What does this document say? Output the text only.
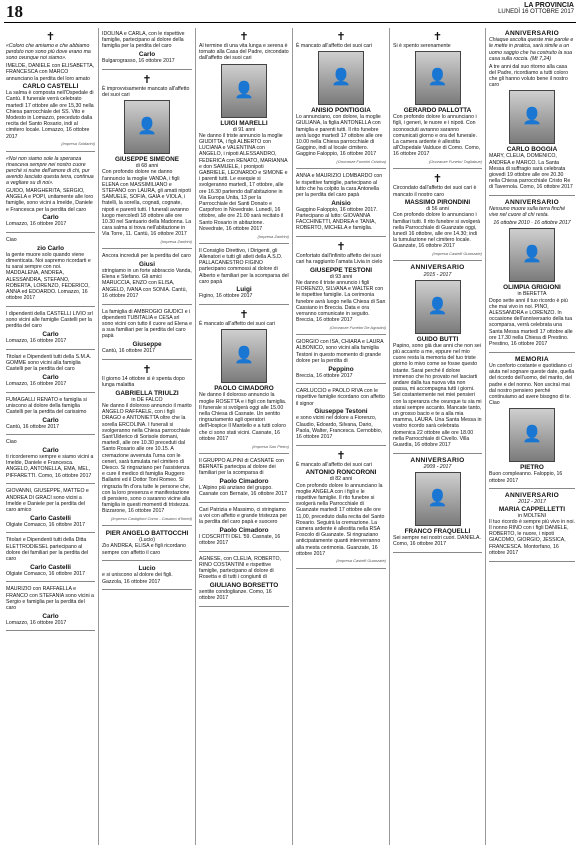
18	LA PROVINCIA
LUNEDÌ 16 OTTOBRE 2017
✝

«Coloro che amiamo e che abbiamo perduto non sono più dove erano ma sono ovunque noi siamo».

IMELDE, DANIELE con ELISABETTA, FRANCESCA con MARCO annunciano la perdita del loro amato

CARLO CASTELLI

La salma è composta nell'Ospedale di Cantù. Il funerale verrà celebrato martedì 17 ottobre alle ore 15,30 nella Chiesa parrocchiale dei SS. Vito e Modesto in Lomazzo, preceduto dalla recita del Santo Rosario, indi al cimitero locale. Lomazzo, 16 ottobre 2017

(Impresa Soldarini)

«Noi non siamo sole la speranza rinasceva sempre nei nostro cuore perché si nutre dell'amore di chi, pur avendo lasciato questa terra, continua a vegliare su di noi».

GUIDO, MARGHERITA, SERGIO, ANGELA e POPI, unitamente alle loro famiglie, sono vicini a Imelde, Daniele e Francesca per la perdita del caro

Carlo

Lomazzo, 16 ottobre 2017

Ciao

zio Carlo

la gente muore solo quando viene dimenticata. Noi sapremo ricordarti e tu sarai sempre con noi. MADDALENA, ANDREA, ALESSANDRA, STEFANO, ROBERTA, LORENZO, FEDERICO, ANNA ed EDOARDO. Lomazzo, 16 ottobre 2017

I dipendenti della CASTELLI LIVIO srl sono vicini alle famiglie Castelli per la perdita del caro

Carlo

Lomazzo, 16 ottobre 2017

Titolari e Dipendenti tutti della S.M.A. GOMME sono vicini alla famiglia Castelli per la perdita del caro

Carlo

Lomazzo, 16 ottobre 2017

FUMAGALLI RENATO e famiglia si uniscono al dolore della famiglia Castelli per la perdita del carissimo

Carlo

Cantù, 16 ottobre 2017

Ciao

Carlo

ti ricorderemo sempre e siamo vicini a Imelde, Daniele e Francesca. ANGELO, ANTONELLA, EMA, MEL, PIFFARETTI. Como, 16 ottobre 2017

GIOVANNI, GIUSEPPE, MATTEO e ANDREA DI GRACI sono vicini a Imelde e Daniele per la perdita del caro amico

Carlo Castelli

Olgiate Comasco, 16 ottobre 2017

Titolari e Dipendenti tutti della Ditta ELETTRODIESEL partecipano al dolore dei familiari per la perdita del caro

Carlo Castelli

Olgiate Comasco, 16 ottobre 2017

MAURIZIO con RAFFAELLA e FRANCO con STEFANIA sono vicini a Sergio e famiglia per la perdita del caro

Carlo

Lomazzo, 16 ottobre 2017

IDOLINA e CARLA, con le rispettive famiglie, partecipano al dolore della famiglia per la perdita del caro

Carlo

Bulgarograsso, 16 ottobre 2017

✝

È improvvisamente mancato all'affetto dei suoi cari

👤
GIUSEPPE SIMEONE
di 68 anni

Con profondo dolore ne danno l'annuncio la moglie VANDA, i figli ELENA con MASSIMILIANO e STEFANO con LAURA, gli amati nipoti SAMUELE, SOFIA, GAIA e VIOLA, i fratelli, la sorella, cognati, cognate, nipoti e parenti tutti. I funerali avranno luogo mercoledì 18 ottobre alle ore 10.30 nel Santuario della Madonna. La cara salma si trova nell'abitazione in Via Torre, 11. Cantù, 16 ottobre 2017

(Impresa Zanfrini)

Ancora increduli per la perdita del caro

Giusi

stringiamo in un forte abbraccio Vanda, Elena e Stefano. Gli amici MARUCCIA, ENZO con ELISA, ANGELO, IVANA con SONIA. Cantù, 16 ottobre 2017

La famiglia di AMBROGIO GIUDICI e i dipendenti TUBITALIA e CESA srl sono vicini con tutto il cuore ad Elena e a sua familiari per la perdita del caro papà

Giuseppe

Cantù, 16 ottobre 2017

✝

Il giorno 14 ottobre si è spenta dopo lunga malattia

GABRIELLA TRIULZI
in DE FALCO

Ne danno il doloroso annuncio il marito ANGELO RAFFAELE, con i figli DRAGO e ANTONIETTA oltre che la sorella ERCOLINA. I funerali si svolgeranno nella Chiesa parrocchiale Sant'Ulderico di Sorisole domani, martedì, alle ore 10.30 preceduti dal Santo Rosario alle ore 10.15. A cremazione avvenuta l'urna con le ceneri, sarà tumulata nel cimitero di Diesco. Si ringraziano per l'assistenza e cure il medico di famiglia Ruggero Ballarini ed il Dottor Toni Romeo. Si ringrazia fin d'ora tutte le persone che, con la loro presenza e manifestazione di pensiero, sono o saranno vicine alla famiglia in questi momenti di tristezza. Bizzarone, 16 ottobre 2017

(Impresa Castiglioni Como - Casaoro d'Ilmed)
PIER ANGELO BATTOCCHI
(Lucio)

Zio ANDREA, ELISA e figli ricordano sempre con affetto il caro

Lucio

e si uniscono al dolore dei figli. Gazzola, 16 ottobre 2017

✝

Al termine di una vita lunga e serena è tornato alla Casa del Padre, circondato dall'affetto dei suoi cari

👤
LUIGI MARELLI
di 91 anni

Ne danno il triste annuncio la moglie GIUDITTA, i figli ALBERTO con LUCIANA e VALENTINA con ANGELO, i nipoti ALESSANDRO, FEDERICA con RENATO, MARIANNA e don SAMUELE, i pronipoti GABRIELE, LEONARDO e SIMONE e i parenti tutti. Le esequie si svolgeranno martedì, 17 ottobre, alle ore 16.30 partendo dall'abitazione in Via Europa Unita, 13 per la Parrocchiale dei Santi Donato e Carpoforo in Novedrate. Lunedì, 16 ottobre, alle ore 21.00 sarà recitato il Santo Rosario in abitazione. Novedrate, 16 ottobre 2017

(Impresa Zanfrini)

Il Consiglio Direttivo, i Dirigenti, gli Allenatori e tutti gli atleti della A.S.D. PALLACANESTRO FIGINO partecipano commossi al dolore di Alberto e familiari per la scomparsa del caro papà

Luigi

Figino, 16 ottobre 2017

✝

È mancato all'affetto dei suoi cari

👤
PAOLO CIMADORO

Ne danno il doloroso annuncio la moglie ROSETTA e i figli con famiglia. Il funerale si svolgerà oggi alle 15.00 nella Chiesa di Casnate. Un sentito ringraziamento agli operatori dell'Hospice Il Mantello e a tutti coloro che ci sono stati vicini. Casnate, 16 ottobre 2017

(Impresa San Pietro)

Il GRUPPO ALPINI di CASNATE con BERNATE partecipa al dolore dei familiari per la scomparsa di

Paolo Cimadoro

L'Alpino più anziano del gruppo. Casnate con Bernate, 16 ottobre 2017

Cari Patrizia e Massimo, ci stringiamo a voi con affetto e grande tristezza per la perdita del caro papà e suocero

Paolo Cimadoro

I COSCRITTI DEL '59. Casnate, 16 ottobre 2017

AGNESE, con CLELIA, ROBERTO, RINO COSTANTINI e rispettive famiglie, partecipano al dolore di Rosetta e di tutti i congiunti di

GIULIANO BORSETTO

sentite condoglianze. Como, 16 ottobre 2017

✝

È mancato all'affetto dei suoi cari

👤
ANISIO PONTIGGIA

Lo annunciano, con dolore, la moglie GIULIANA, la figlia ANTONELLA con famiglia e parenti tutti. Il rito funebre avrà luogo martedì 17 ottobre alle ore 10.00 nella Chiesa parrocchiale di Gaggino, indi al locale cimitero. Gaggino Faloppio, 16 ottobre 2017

(Onoranze Funebri Cristina)

ANNA e MAURIZIO LOMBARDO con le rispettive famiglie, partecipano al lutto che ha colpito la cara Antonella per la perdita del caro papà

Anisio

Gaggino Faloppio, 16 ottobre 2017. Partecipano al lutto: GIOVANNA FACCHINETTI, ANDREA e TANIA, ROBERTO, MICHELA e famiglia.

✝

Confortato dall'infinito affetto dei suoi cari ha raggiunto l'amata Livia in cielo

GIUSEPPE TESTONI
di 93 anni

Ne danno il triste annuncio i figli FIORENZO, SILVANA e WALTER con le rispettive famiglie. La cerimonia funebre avrà luogo nella Chiesa di San Cassiano in Breccia. Data e ora verranno comunicate in seguito. Breccia, 16 ottobre 2017

(Onoranze Funebri De Agostini)

GIORGIO con ISA, CHIARA e LAURA ALBONICO, sono vicini alla famiglia Testoni in questo momento di grande dolore per la perdita di

Peppino

Breccia, 16 ottobre 2017

CARLUCCIO e PAOLO RIVA con le rispettive famiglie ricordano con affetto il signor

Giuseppe Testoni

e sono vicini nel dolore a Fiorenzo, Claudio, Edoardo, Silvana, Dario, Paola, Walter, Francesca. Cernobbio, 16 ottobre 2017

✝

È mancato all'affetto dei suoi cari

ANTONIO RONCORONI
di 82 anni

Con profondo dolore lo annunciano la moglie ANGELA con i figli e le rispettive famiglie. Il rito funebre si svolgerà nella Parrocchiale di Guanzate martedì 17 ottobre alle ore 11,00, preceduto dalla recita del Santo Rosario. Seguirà la cremazione. La camera ardente è allestita nella RSA Foscolo di Guanzate. Si ringraziano anticipatamente quanti interverranno alla mesta cerimonia. Guanzate, 16 ottobre 2017

(Impresa Castelli Guanzate)
✝

Si è spento serenamente

👤
GERARDO PALLOTTA

Con profondo dolore lo annunciano i figli, i generi, le nuore e i nipoti. Con sconosciuti avranno saranno comunicati giorno e ora del funerale. La camera ardente è allestita all'Ospedale Valduce di Como. Como, 16 ottobre 2017

(Onoranze Funebri Tagliabue)
✝

Circondato dall'affetto dei suoi cari è mancato il nostro caro

MASSIMO PIRONDINI
di 56 anni

Con profondo dolore lo annunciano i familiari tutti. Il rito funebre si svolgerà nella Parrocchiale di Guanzate oggi, lunedì 16 ottobre, alle ore 14.30; indi la tumulazione nel cimitero locale. Guanzate, 16 ottobre 2017

(Impresa Castelli Guanzate)
ANNIVERSARIO
2015 - 2017
👤
GUIDO BUTTI

Papino, sono già due anni che non sei più accanto a me, eppure nel mio cuore resta la memoria del tuo triste giorno lo mivo come se fosse questo istante. Sarai perché il dolore immenso che ho provato nel lasciarti andare dalla tua nuova vita non passa, mi accompagna tutti i giorni. Sei costantemente nei miei pensieri con la speranza che ovunque tu sia mi starai sempre accanto. Mancate tanto, un grosso bacio e te a alla mia mamma, LAURA. Una Santa Messa in vostro ricordo sarà celebrata domenica 22 ottobre alle ore 18.00 nella Parrocchiale di Civello. Villa Guardia, 16 ottobre 2017

ANNIVERSARIO
2009 - 2017
👤
FRANCO FRAQUELLI

Sei sempre nei nostri cuori. DANIELA. Como, 16 ottobre 2017

ANNIVERSARIO

Chiaque ascolta queste mie parole e le mette in pratica, sarà simile a un uomo saggio che ha costruito la sua casa sulla roccia. (Mt 7,24)

A tre anni dal suo ritorno alla casa del Padre, ricordiamo a tutti coloro che gli hanno voluto bene il nostro caro

👤
CARLO BOGGIA

MARY, CLELIA, DOMENICO, ANDREA e MARCO. La Santa Messa di suffragio sarà celebrata giovedì 19 ottobre alle ore 20.30 nella Chiesa parrocchiale Cristo Re di Tavernola. Como, 16 ottobre 2017

ANNIVERSARIO

Nessuno muore sulla terra finché vive nel cuore di chi resta.

16 ottobre 2010 · 16 ottobre 2017
👤
OLIMPIA GRIGIONI
in BERETTA

Dopo sette anni il tuo ricordo è più che mai vivo in noi. PINO, ALESSANDRA e LORENZO. In occasione dell'anniversario della tua scomparsa, verrà celebrata una Santa Messa martedì 17 ottobre alle ore 17.30 nella Chiesa di Prestino. Prestino, 16 ottobre 2017

MEMORIA

Un conforto costante e quotidiano ci aiuta nel sognare queste date, quella del ricordo dell'uomo, del marito, del padre e del nonno. Non usciraì mai dal nostro pensiero perché continuiamo ad avere bisogno di te. Ciao

👤
PIETRO

Buon compleanno. Faloppio, 16 ottobre 2017

ANNIVERSARIO
2012 - 2017
MARIA CAPPELLETTI
in MOLTENI

Il tuo ricordo è sempre più vivo in noi. Il nonno RINO con i figli DANIELE, ROBERTO, le nuore, i nipoti GIACOMO, GIORGIO, JESSICA, FRANCESCA. Montorfano, 16 ottobre 2017
